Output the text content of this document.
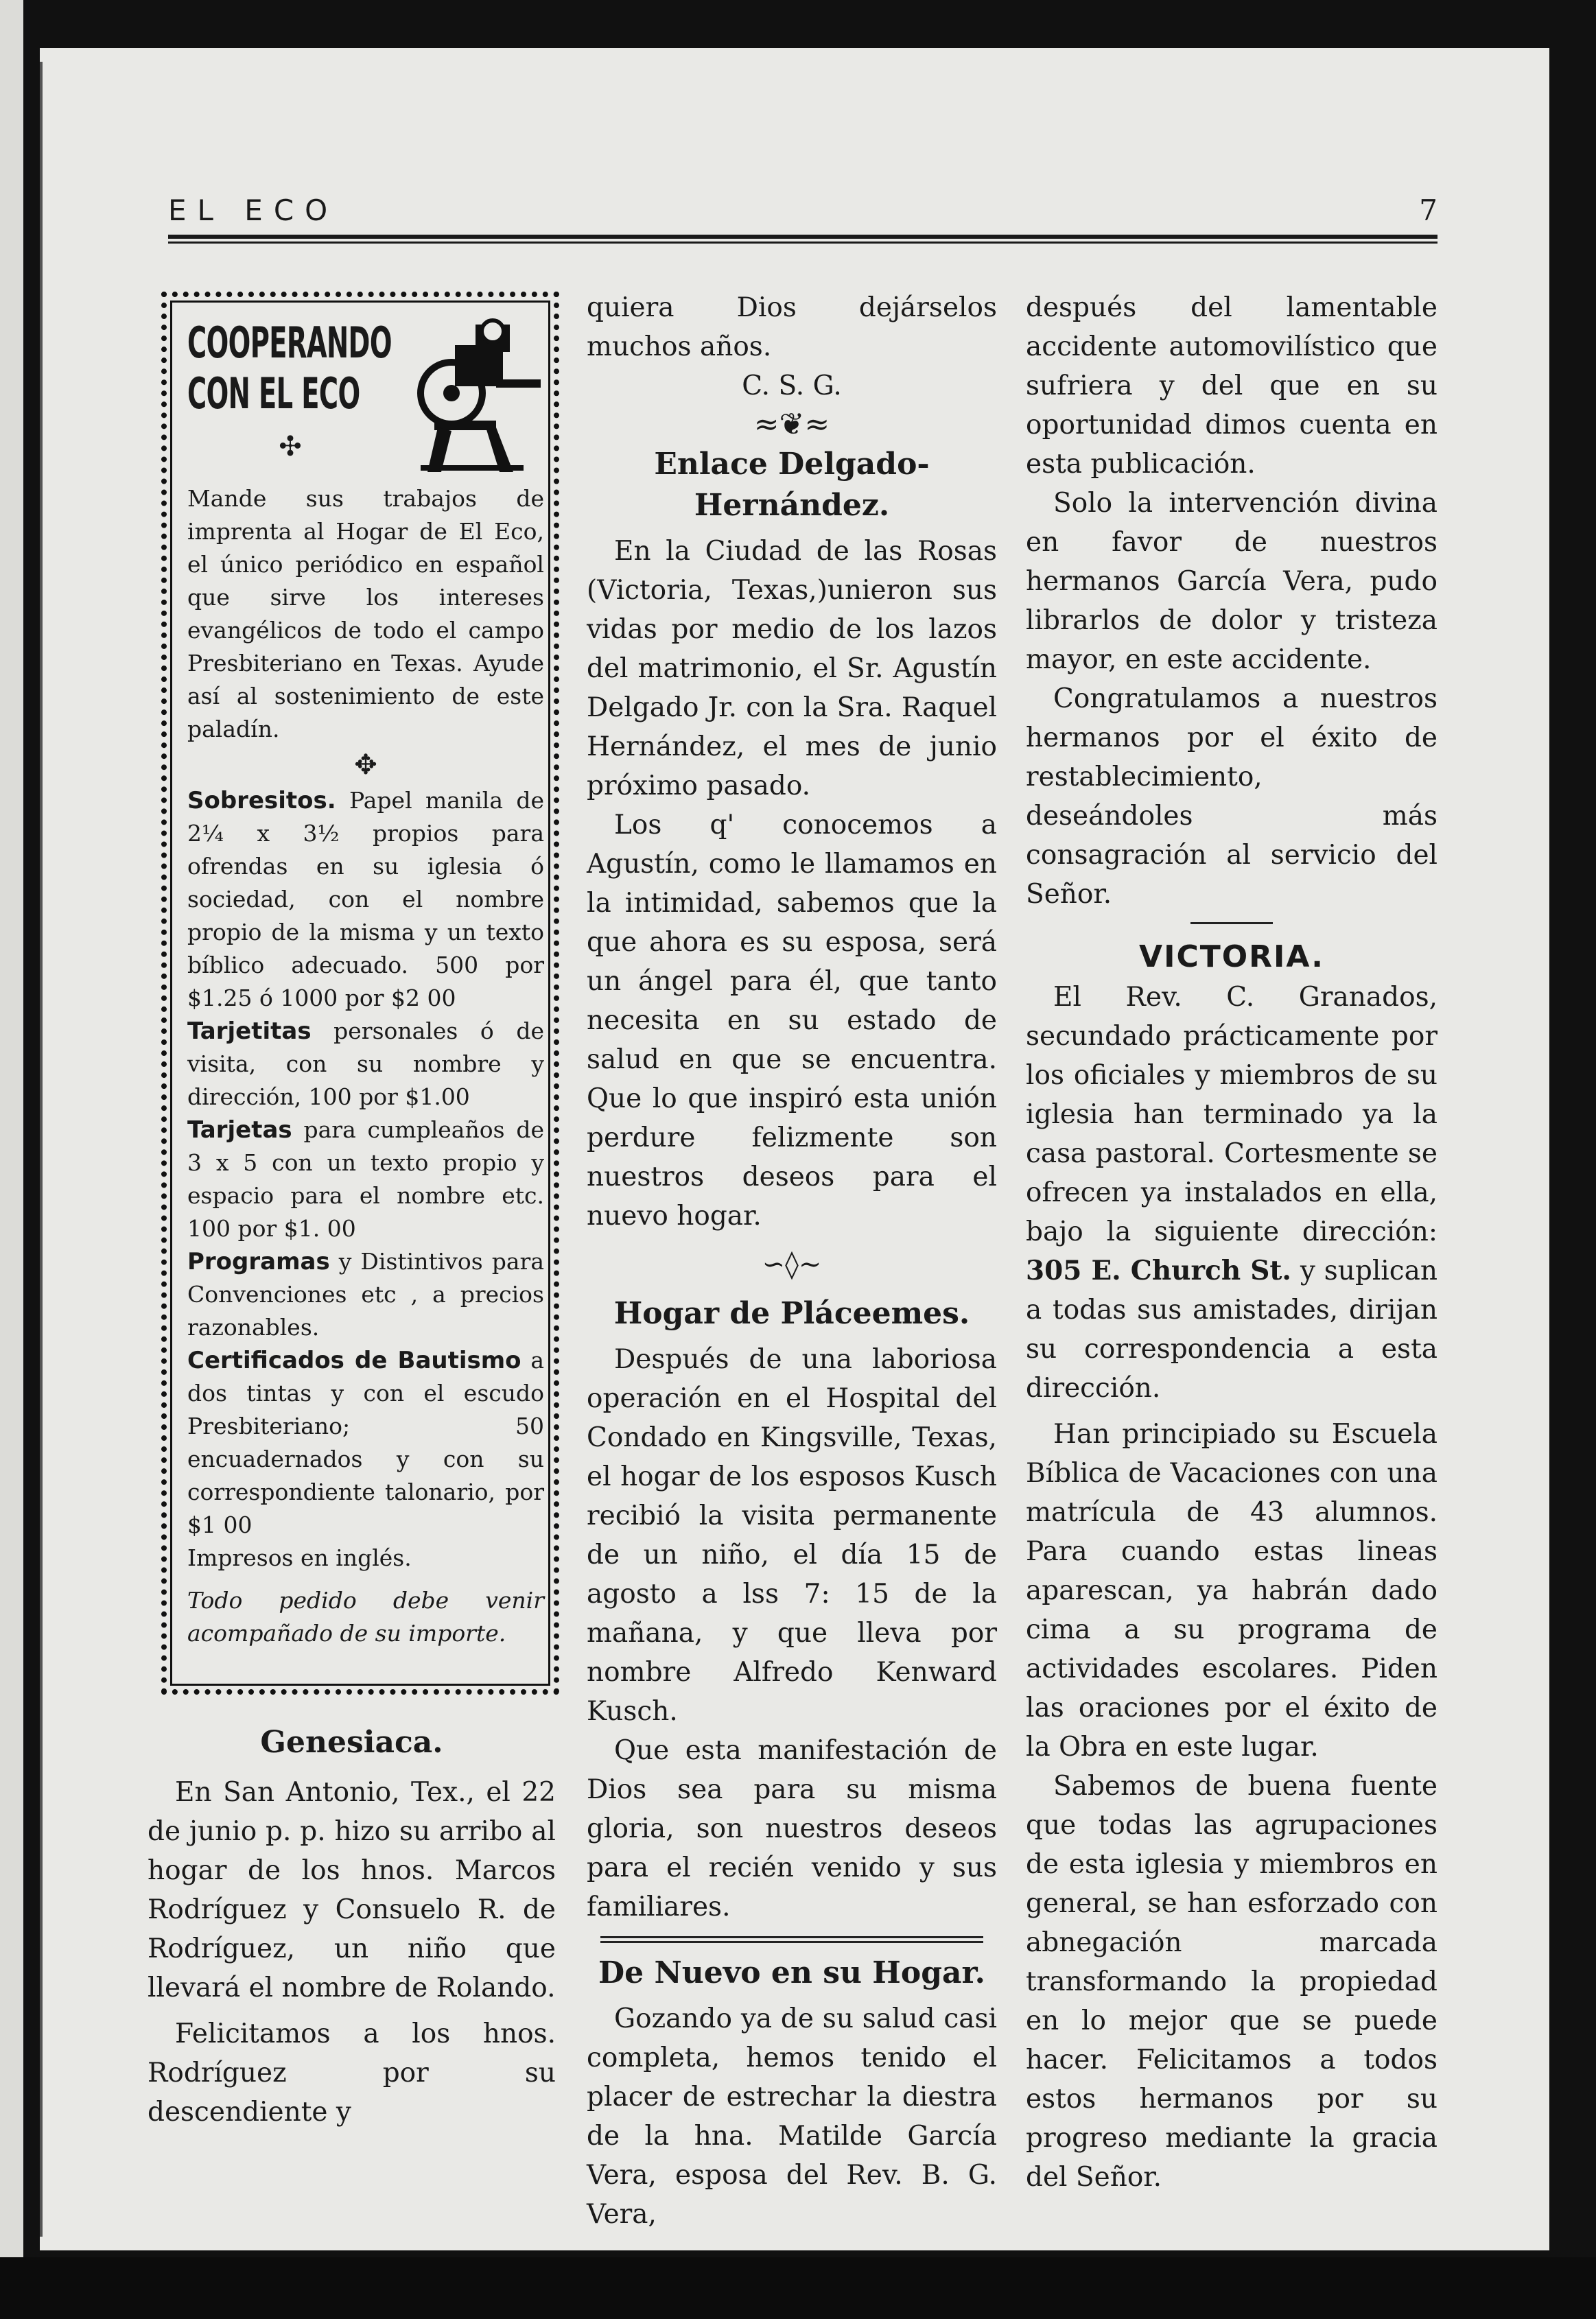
EL ECO	7
COOPERANDO
CON EL ECO
✣

Mande sus trabajos de imprenta al Hogar de El Eco, el único periódico en español que sirve los intereses evangélicos de todo el campo Presbiteriano en Texas. Ayude así al sostenimiento de este paladín.

✥

Sobresitos. Papel manila de 2¼ x 3½ propios para ofrendas en su iglesia ó sociedad, con el nombre propio de la misma y un texto bíblico adecuado. 500 por $1.25 ó 1000 por $2 00

Tarjetitas personales ó de visita, con su nombre y dirección, 100 por $1.00

Tarjetas para cumpleaños de 3 x 5 con un texto propio y espacio para el nombre etc. 100 por $1. 00

Programas y Distintivos para Convenciones etc , a precios razonables.

Certificados de Bautismo a dos tintas y con el escudo Presbiteriano; 50 encuadernados y con su correspondiente talonario, por $1 00

Impresos en inglés.

Todo pedido debe venir acompañado de su importe.

Genesiaca.

En San Antonio, Tex., el 22 de junio p. p. hizo su arribo al hogar de los hnos. Marcos Rodríguez y Consuelo R. de Rodríguez, un niño que llevará el nombre de Rolando.

Felicitamos a los hnos. Rodríguez por su descendiente y

quiera Dios dejárselos muchos años.

C. S. G.

≈❦≈
Enlace Delgado-Hernández.

En la Ciudad de las Rosas (Victoria, Texas,)unieron sus vidas por medio de los lazos del matrimonio, el Sr. Agustín Delgado Jr. con la Sra. Raquel Hernández, el mes de junio próximo pasado.

Los q' conocemos a Agustín, como le llamamos en la intimidad, sabemos que la que ahora es su esposa, será un ángel para él, que tanto necesita en su estado de salud en que se encuentra. Que lo que inspiró esta unión perdure felizmente son nuestros deseos para el nuevo hogar.

∽◊∼
Hogar de Pláceemes.

Después de una laboriosa operación en el Hospital del Condado en Kingsville, Texas, el hogar de los esposos Kusch recibió la visita permanente de un niño, el día 15 de agosto a lss 7: 15 de la mañana, y que lleva por nombre Alfredo Kenward Kusch.

Que esta manifestación de Dios sea para su misma gloria, son nuestros deseos para el recién venido y sus familiares.

De Nuevo en su Hogar.

Gozando ya de su salud casi completa, hemos tenido el placer de estrechar la diestra de la hna. Matilde García Vera, esposa del Rev. B. G. Vera,

después del lamentable accidente automovilístico que sufriera y del que en su oportunidad dimos cuenta en esta publicación.

Solo la intervención divina en favor de nuestros hermanos García Vera, pudo librarlos de dolor y tristeza mayor, en este accidente.

Congratulamos a nuestros hermanos por el éxito de restablecimiento, deseándoles más consagración al servicio del Señor.

VICTORIA.

El Rev. C. Granados, secundado prácticamente por los oficiales y miembros de su iglesia han terminado ya la casa pastoral. Cortesmente se ofrecen ya instalados en ella, bajo la siguiente dirección: 305 E. Church St. y suplican a todas sus amistades, dirijan su correspondencia a esta dirección.

Han principiado su Escuela Bíblica de Vacaciones con una matrícula de 43 alumnos. Para cuando estas lineas aparescan, ya habrán dado cima a su programa de actividades escolares. Piden las oraciones por el éxito de la Obra en este lugar.

Sabemos de buena fuente que todas las agrupaciones de esta iglesia y miembros en general, se han esforzado con abnegación marcada transformando la propiedad en lo mejor que se puede hacer. Felicitamos a todos estos hermanos por su progreso mediante la gracia del Señor.
